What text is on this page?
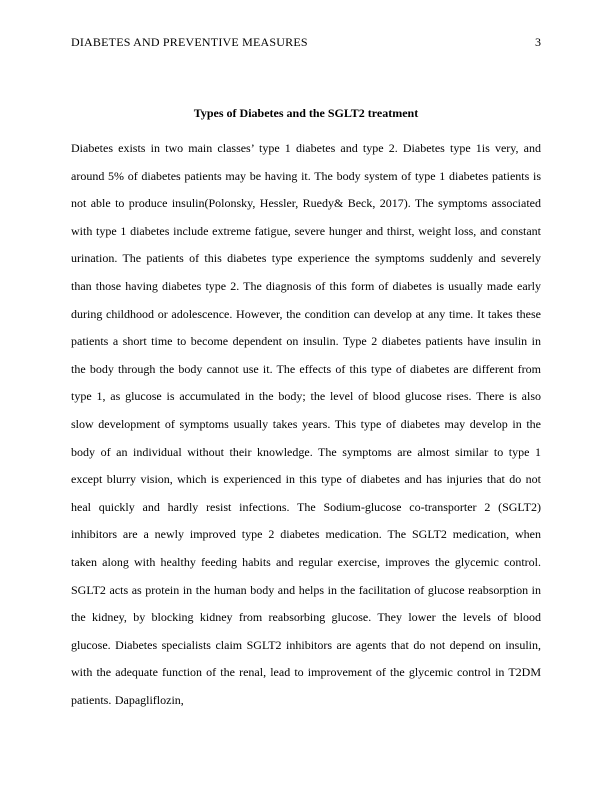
DIABETES AND PREVENTIVE MEASURES	3
Types of Diabetes and the SGLT2 treatment

Diabetes exists in two main classes’ type 1 diabetes and type 2. Diabetes type 1is very, and around 5% of diabetes patients may be having it. The body system of type 1 diabetes patients is not able to produce insulin(Polonsky, Hessler, Ruedy& Beck, 2017). The symptoms associated with type 1 diabetes include extreme fatigue, severe hunger and thirst, weight loss, and constant urination. The patients of this diabetes type experience the symptoms suddenly and severely than those having diabetes type 2. The diagnosis of this form of diabetes is usually made early during childhood or adolescence. However, the condition can develop at any time. It takes these patients a short time to become dependent on insulin. Type 2 diabetes patients have insulin in the body through the body cannot use it. The effects of this type of diabetes are different from type 1, as glucose is accumulated in the body; the level of blood glucose rises. There is also slow development of symptoms usually takes years. This type of diabetes may develop in the body of an individual without their knowledge. The symptoms are almost similar to type 1 except blurry vision, which is experienced in this type of diabetes and has injuries that do not heal quickly and hardly resist infections. The Sodium-glucose co-transporter 2 (SGLT2) inhibitors are a newly improved type 2 diabetes medication. The SGLT2 medication, when taken along with healthy feeding habits and regular exercise, improves the glycemic control. SGLT2 acts as protein in the human body and helps in the facilitation of glucose reabsorption in the kidney, by blocking kidney from reabsorbing glucose. They lower the levels of blood glucose. Diabetes specialists claim SGLT2 inhibitors are agents that do not depend on insulin, with the adequate function of the renal, lead to improvement of the glycemic control in T2DM patients. Dapagliflozin,
